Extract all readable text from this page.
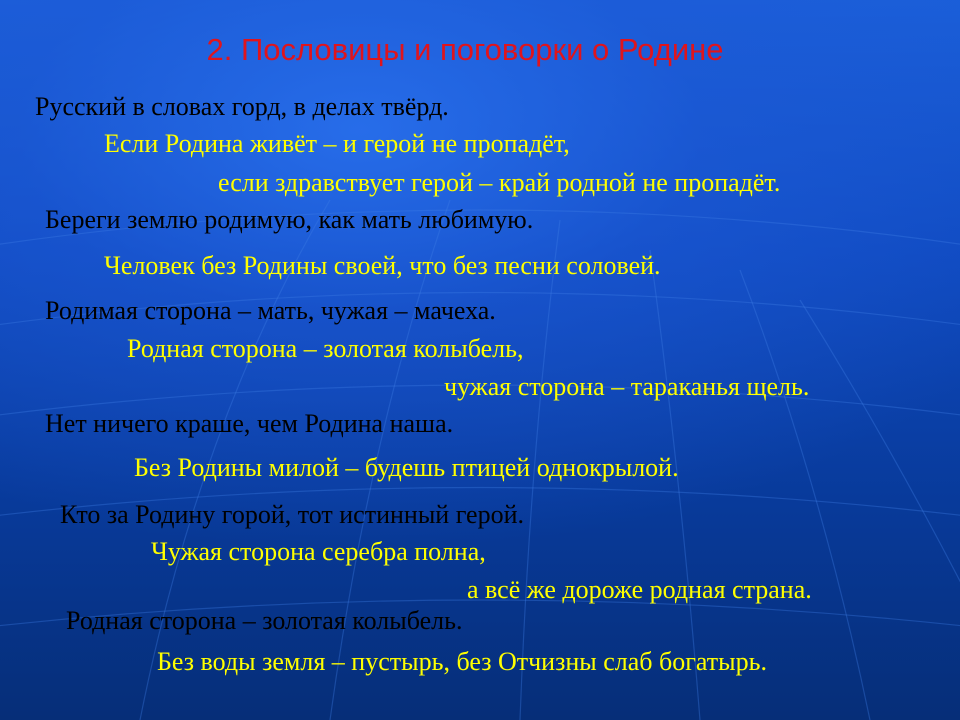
2. Пословицы и поговорки о Родине
Русский в словах горд, в делах твёрд.
Если Родина живёт – и герой не пропадёт,
если здравствует герой – край родной не пропадёт.
Береги землю родимую, как мать любимую.
Человек без Родины своей, что без песни соловей.
Родимая сторона – мать, чужая – мачеха.
Родная сторона – золотая колыбель,
чужая сторона – тараканья щель.
Нет ничего краше, чем Родина наша.
Без Родины милой – будешь птицей однокрылой.
Кто за Родину горой, тот истинный герой.
Чужая сторона серебра полна,
а всё же дороже родная страна.
Родная сторона – золотая колыбель.
Без воды земля – пустырь, без Отчизны слаб богатырь.
